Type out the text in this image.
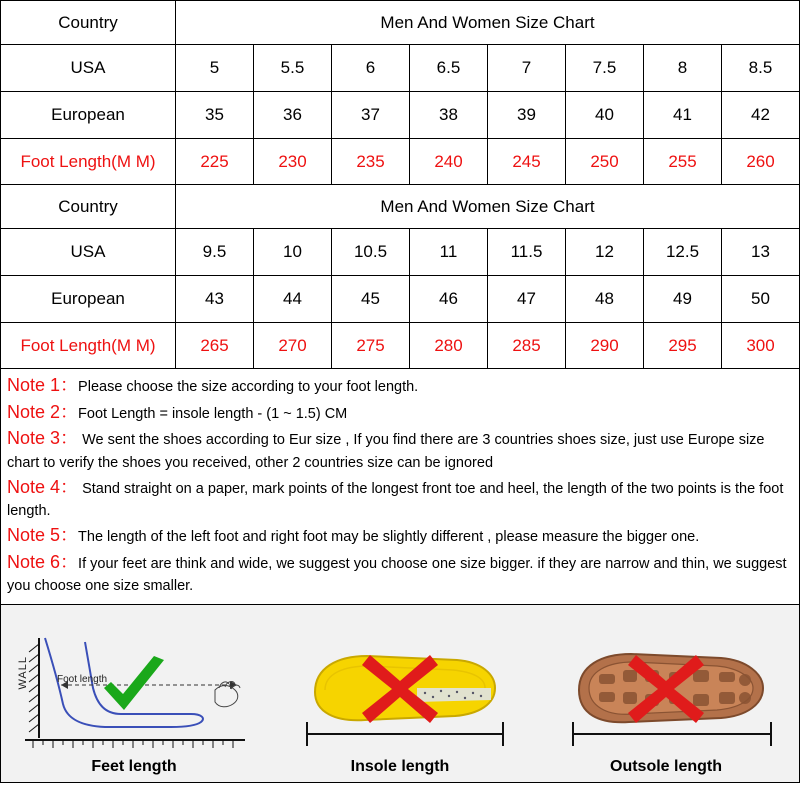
Country	Men And Women Size Chart							
USA	5	5.5	6	6.5	7	7.5	8	8.5
European	35	36	37	38	39	40	41	42
Foot Length(M M)	225	230	235	240	245	250	255	260
Country	Men And Women Size Chart							
USA	9.5	10	10.5	11	11.5	12	12.5	13
European	43	44	45	46	47	48	49	50
Foot Length(M M)	265	270	275	280	285	290	295	300

Note 1：Please choose the size according to your foot length.

Note 2：Foot Length = insole length - (1 ~ 1.5) CM

Note 3： We sent the shoes according to Eur size , If you find there are 3 countries shoes size, just use Europe size chart to verify the shoes you received, other 2 countries size can be ignored

Note 4： Stand straight on a paper, mark points of the longest front toe and heel, the length of the two points is the foot length.

Note 5：The length of the left foot and right foot may be slightly different , please measure the bigger one.

Note 6：If your feet are think and wide, we suggest you choose one size bigger. if they are narrow and thin, we suggest you choose one size smaller.

WALL	Foot length
Feet length	Insole length	Outsole length
